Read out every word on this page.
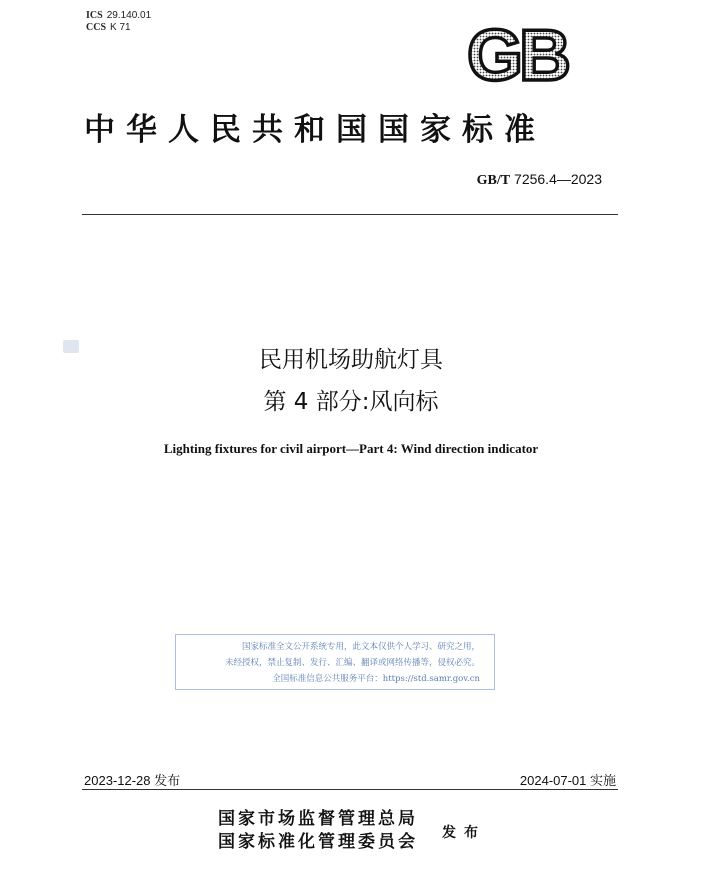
ICS 29.140.01
CCS K 71	GB
中华人民共和国国家标准
GB/T 7256.4—2023
民用机场助航灯具
第 4 部分:风向标
Lighting fixtures for civil airport—Part 4: Wind direction indicator
国家标准全文公开系统专用，此文本仅供个人学习、研究之用，
未经授权，禁止复制、发行、汇编、翻译或网络传播等，侵权必究。
全国标准信息公共服务平台：https://std.samr.gov.cn
2023-12-28 发布	2024-07-01 实施
国家市场监督管理总局
国家标准化管理委员会 发布
